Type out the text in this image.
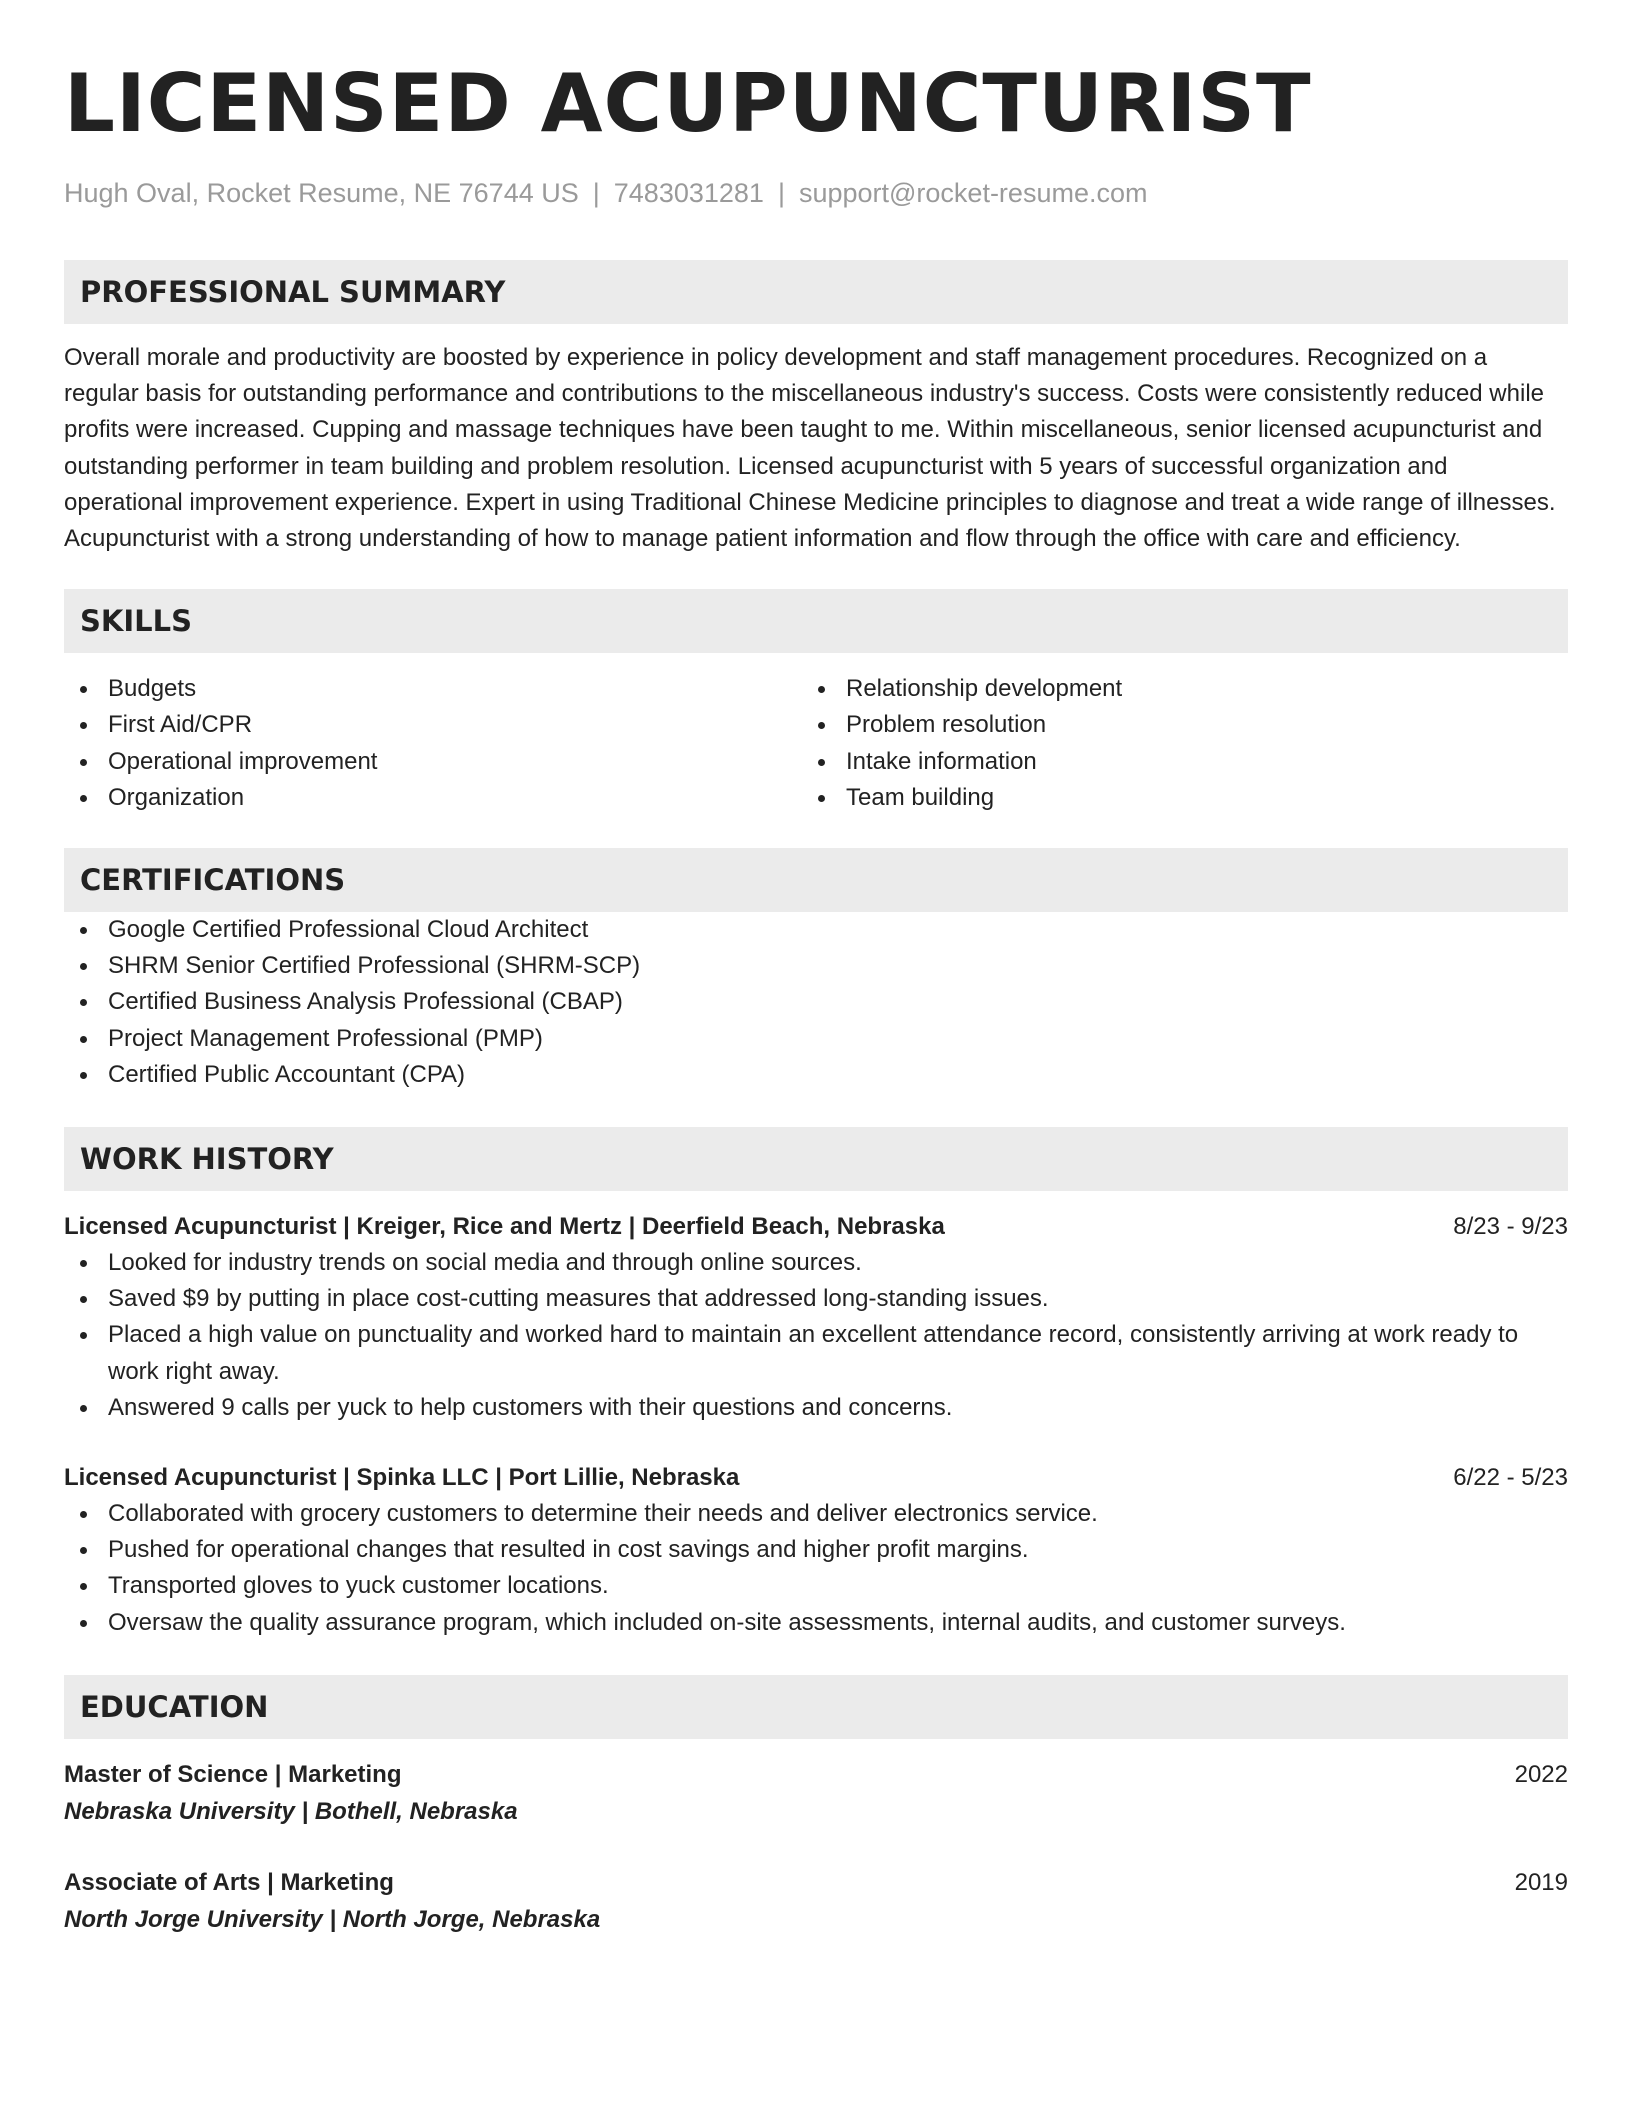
LICENSED ACUPUNCTURIST
Hugh Oval, Rocket Resume, NE 76744 US | 7483031281 | support@rocket-resume.com
PROFESSIONAL SUMMARY
Overall morale and productivity are boosted by experience in policy development and staff management procedures. Recognized on a regular basis for outstanding performance and contributions to the miscellaneous industry's success. Costs were consistently reduced while profits were increased. Cupping and massage techniques have been taught to me. Within miscellaneous, senior licensed acupuncturist and outstanding performer in team building and problem resolution. Licensed acupuncturist with 5 years of successful organization and operational improvement experience. Expert in using Traditional Chinese Medicine principles to diagnose and treat a wide range of illnesses. Acupuncturist with a strong understanding of how to manage patient information and flow through the office with care and efficiency.
SKILLS
Budgets
First Aid/CPR
Operational improvement
Organization
Relationship development
Problem resolution
Intake information
Team building
CERTIFICATIONS
Google Certified Professional Cloud Architect
SHRM Senior Certified Professional (SHRM-SCP)
Certified Business Analysis Professional (CBAP)
Project Management Professional (PMP)
Certified Public Accountant (CPA)
WORK HISTORY
Licensed Acupuncturist | Kreiger, Rice and Mertz | Deerfield Beach, Nebraska	8/23 - 9/23
Looked for industry trends on social media and through online sources.
Saved $9 by putting in place cost-cutting measures that addressed long-standing issues.
Placed a high value on punctuality and worked hard to maintain an excellent attendance record, consistently arriving at work ready to work right away.
Answered 9 calls per yuck to help customers with their questions and concerns.
Licensed Acupuncturist | Spinka LLC | Port Lillie, Nebraska	6/22 - 5/23
Collaborated with grocery customers to determine their needs and deliver electronics service.
Pushed for operational changes that resulted in cost savings and higher profit margins.
Transported gloves to yuck customer locations.
Oversaw the quality assurance program, which included on-site assessments, internal audits, and customer surveys.
EDUCATION
Master of Science | Marketing	2022
Nebraska University | Bothell, Nebraska
Associate of Arts | Marketing	2019
North Jorge University | North Jorge, Nebraska
